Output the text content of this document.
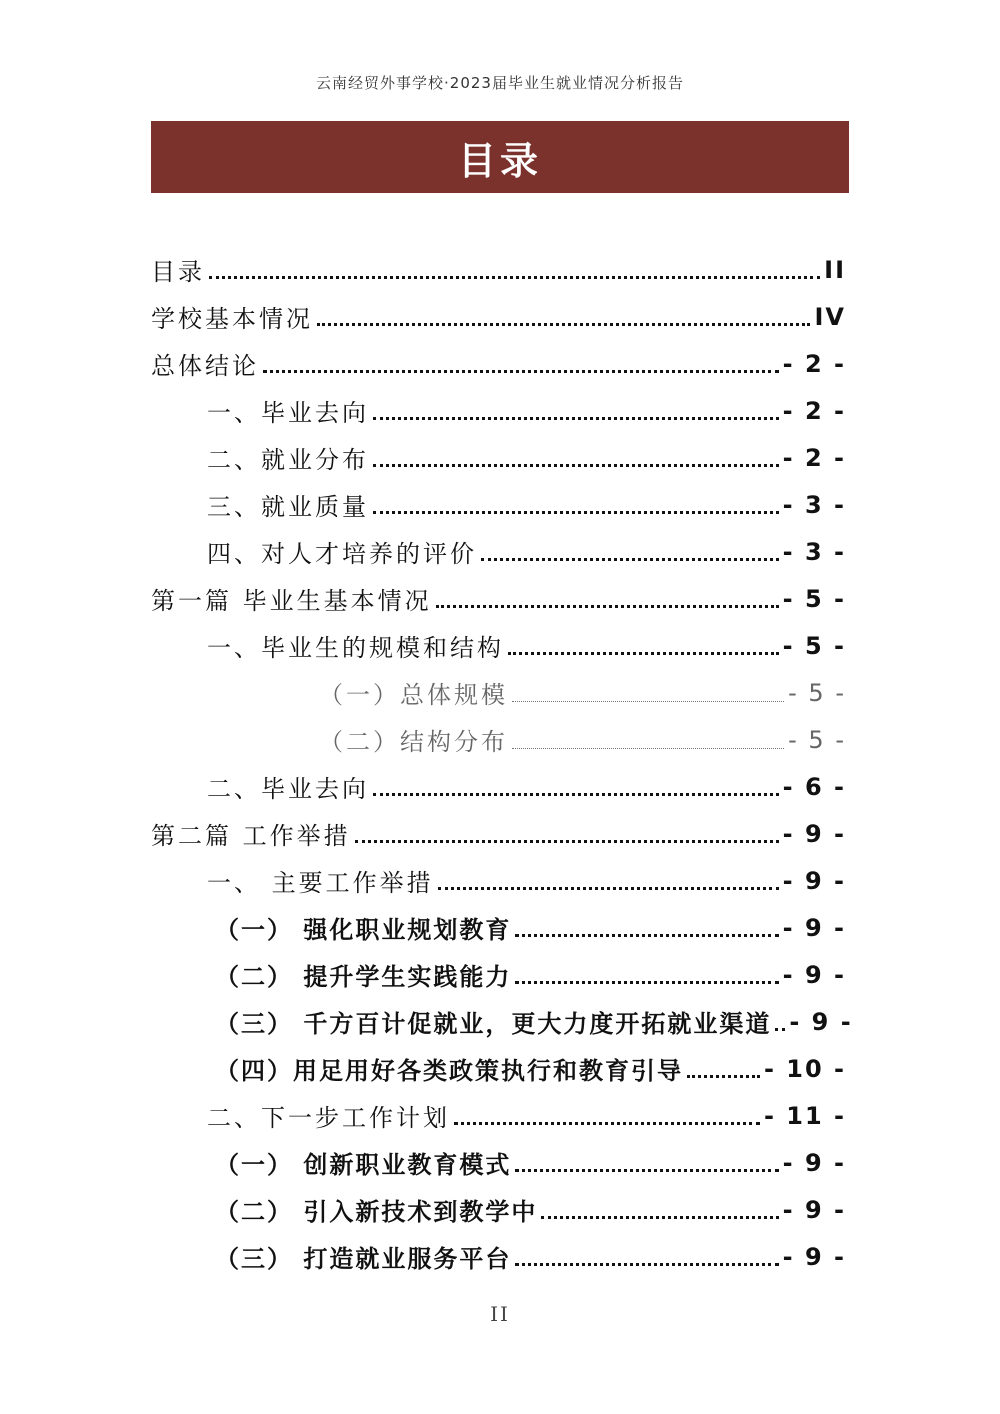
云南经贸外事学校·2023届毕业生就业情况分析报告
目录
目录	II
学校基本情况	IV
总体结论	- 2 -
一、毕业去向	- 2 -
二、就业分布	- 2 -
三、就业质量	- 3 -
四、对人才培养的评价	- 3 -
第一篇 毕业生基本情况	- 5 -
一、毕业生的规模和结构	- 5 -
（一）总体规模	- 5 -
（二）结构分布	- 5 -
二、毕业去向	- 6 -
第二篇 工作举措	- 9 -
一、 主要工作举措	- 9 -
（一） 强化职业规划教育	- 9 -
（二） 提升学生实践能力	- 9 -
（三） 千方百计促就业，更大力度开拓就业渠道 - 9 -
（四）用足用好各类政策执行和教育引导	- 10 -
二、下一步工作计划	- 11 -
（一） 创新职业教育模式	- 9 -
（二） 引入新技术到教学中	- 9 -
（三） 打造就业服务平台	- 9 -
II
